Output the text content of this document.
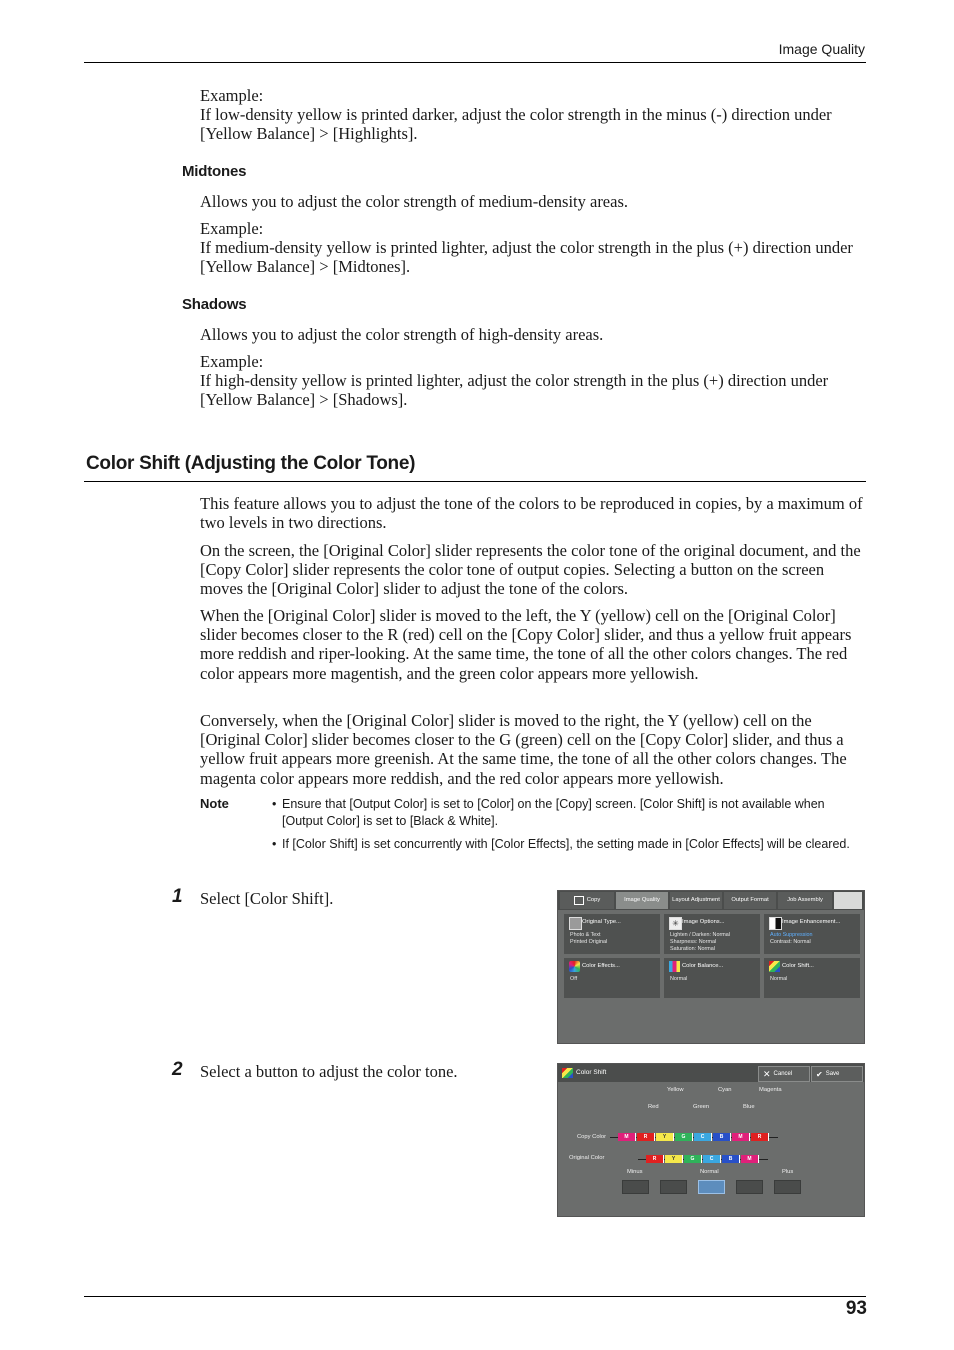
Image Quality
Example:
If low-density yellow is printed darker, adjust the color strength in the minus (-) direction under [Yellow Balance] > [Highlights].
Midtones
Allows you to adjust the color strength of medium-density areas.
Example:
If medium-density yellow is printed lighter, adjust the color strength in the plus (+) direction under [Yellow Balance] > [Midtones].
Shadows
Allows you to adjust the color strength of high-density areas.
Example:
If high-density yellow is printed lighter, adjust the color strength in the plus (+) direction under [Yellow Balance] > [Shadows].
Color Shift (Adjusting the Color Tone)
This feature allows you to adjust the tone of the colors to be reproduced in copies, by a maximum of two levels in two directions.
On the screen, the [Original Color] slider represents the color tone of the original document, and the [Copy Color] slider represents the color tone of output copies. Selecting a button on the screen moves the [Original Color] slider to adjust the tone of the colors.
When the [Original Color] slider is moved to the left, the Y (yellow) cell on the [Original Color] slider becomes closer to the R (red) cell on the [Copy Color] slider, and thus a yellow fruit appears more reddish and riper-looking. At the same time, the tone of all the other colors changes. The red color appears more magentish, and the green color appears more yellowish.
Conversely, when the [Original Color] slider is moved to the right, the Y (yellow) cell on the [Original Color] slider becomes closer to the G (green) cell on the [Copy Color] slider, and thus a yellow fruit appears more greenish. At the same time, the tone of all the other colors changes. The magenta color appears more reddish, and the red color appears more yellowish.
Note	• Ensure that [Output Color] is set to [Color] on the [Copy] screen. [Color Shift] is not available when [Output Color] is set to [Black & White].
• If [Color Shift] is set concurrently with [Color Effects], the setting made in [Color Effects] will be cleared.
1 Select [Color Shift].
2 Select a button to adjust the color tone.
Copy	Image Quality	Layout Adjustment	Output Format	Job Assembly
Original Type...
Photo & Text
Printed Original
✳ Image Options...
Lighten / Darken: Normal
Sharpness: Normal
Saturation: Normal
Image Enhancement...
Auto Suppression
Contrast: Normal
Color Effects...
Off
Color Balance...
Normal
Color Shift...
Normal
Color Shift	✕ Cancel	✔ Save
Yellow	Cyan	Magenta
Red	Green	Blue
Copy Color
Original Color
M	R	Y	G	C	B	M	R
R	Y	G	C	B	M
Minus	Normal	Plus
93
